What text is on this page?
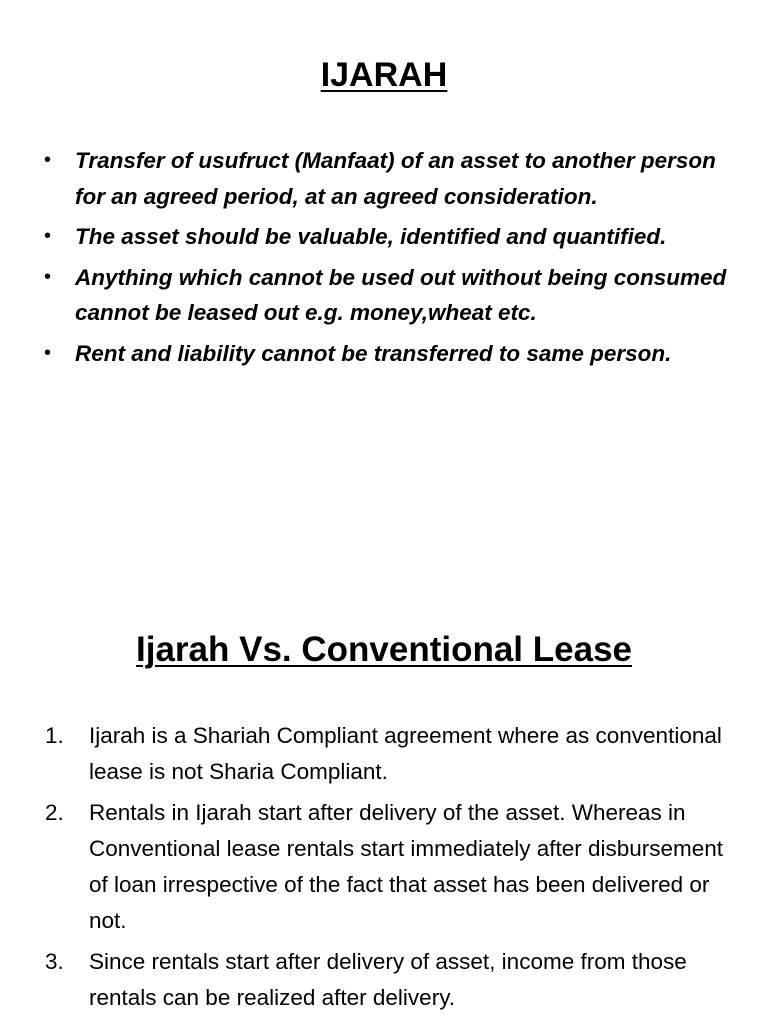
IJARAH
• Transfer of usufruct (Manfaat) of an asset to another person for an agreed period, at an agreed consideration.
• The asset should be valuable, identified and quantified.
• Anything which cannot be used out without being consumed cannot be leased out e.g. money,wheat etc.
• Rent and liability cannot be transferred to same person.
Ijarah Vs. Conventional Lease
1. Ijarah is a Shariah Compliant agreement where as conventional lease is not Sharia Compliant.
2. Rentals in Ijarah start after delivery of the asset. Whereas in Conventional lease rentals start immediately after disbursement of loan irrespective of the fact that asset has been delivered or not.
3. Since rentals start after delivery of asset, income from those rentals can be realized after delivery.
